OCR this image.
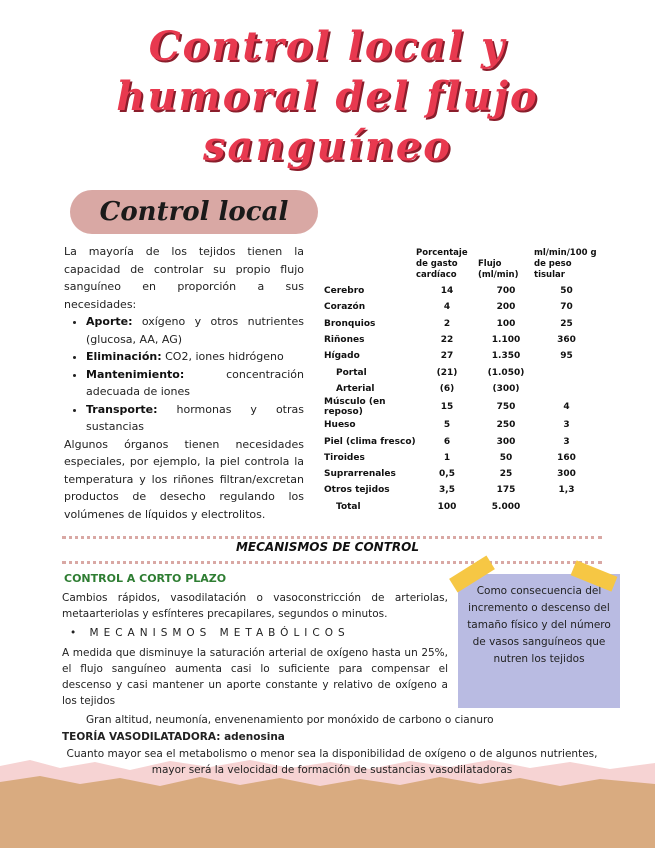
Control local y
humoral del flujo
sanguíneo
Control local

La mayoría de los tejidos tienen la capacidad de controlar su propio flujo sanguíneo en proporción a sus necesidades:

• Aporte: oxígeno y otros nutrientes (glucosa, AA, AG)
• Eliminación: CO2, iones hidrógeno
• Mantenimiento: concentración adecuada de iones
• Transporte: hormonas y otras sustancias

Algunos órganos tienen necesidades especiales, por ejemplo, la piel controla la temperatura y los riñones filtran/excretan productos de desecho regulando los volúmenes de líquidos y electrolitos.

	Porcentaje de gasto cardíaco	Flujo (ml/min)	ml/min/100 g de peso tisular
Cerebro	14	700	50
Corazón	4	200	70
Bronquios	2	100	25
Riñones	22	1.100	360
Hígado	27	1.350	95
Portal	(21)	(1.050)	
Arterial	(6)	(300)	
Músculo (en reposo)	15	750	4
Hueso	5	250	3
Piel (clima fresco)	6	300	3
Tiroides	1	50	160
Suprarrenales	0,5	25	300
Otros tejidos	3,5	175	1,3
Total	100	5.000	
MECANISMOS DE CONTROL
CONTROL A CORTO PLAZO
Cambios rápidos, vasodilatación o vasoconstricción de arteriolas, metaarteriolas y esfínteres precapilares, segundos o minutos.
• MECANISMOS METABÓLICOS
A medida que disminuye la saturación arterial de oxígeno hasta un 25%, el flujo sanguíneo aumenta casi lo suficiente para compensar el descenso y casi mantener un aporte constante y relativo de oxígeno a los tejidos
Como consecuencia del incremento o descenso del tamaño físico y del número de vasos sanguíneos que nutren los tejidos
Gran altitud, neumonía, envenenamiento por monóxido de carbono o cianuro
TEORÍA VASODILATADORA: adenosina
Cuanto mayor sea el metabolismo o menor sea la disponibilidad de oxígeno o de algunos nutrientes, mayor será la velocidad de formación de sustancias vasodilatadoras
